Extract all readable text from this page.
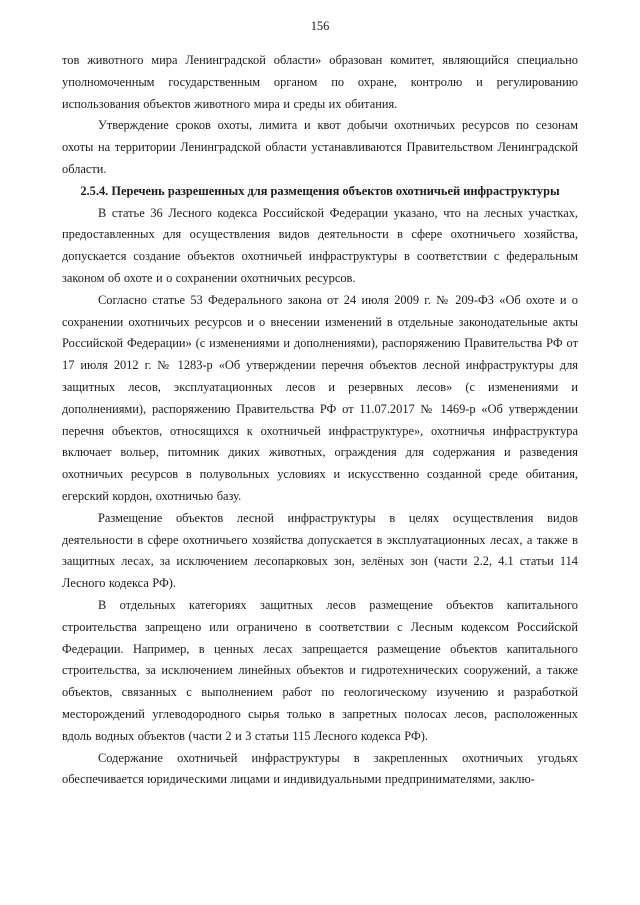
156

тов животного мира Ленинградской области» образован комитет, являющийся специально уполномоченным государственным органом по охране, контролю и регулированию использования объектов животного мира и среды их обитания.

Утверждение сроков охоты, лимита и квот добычи охотничьих ресурсов по сезонам охоты на территории Ленинградской области устанавливаются Правительством Ленинградской области.

2.5.4. Перечень разрешенных для размещения объектов охотничьей инфраструктуры

В статье 36 Лесного кодекса Российской Федерации указано, что на лесных участках, предоставленных для осуществления видов деятельности в сфере охотничьего хозяйства, допускается создание объектов охотничьей инфраструктуры в соответствии с федеральным законом об охоте и о сохранении охотничьих ресурсов.

Согласно статье 53 Федерального закона от 24 июля 2009 г. № 209-ФЗ «Об охоте и о сохранении охотничьих ресурсов и о внесении изменений в отдельные законодательные акты Российской Федерации» (с изменениями и дополнениями), распоряжению Правительства РФ от 17 июля 2012 г. № 1283-р «Об утверждении перечня объектов лесной инфраструктуры для защитных лесов, эксплуатационных лесов и резервных лесов» (с изменениями и дополнениями), распоряжению Правительства РФ от 11.07.2017 № 1469-р «Об утверждении перечня объектов, относящихся к охотничьей инфраструктуре», охотничья инфраструктура включает вольер, питомник диких животных, ограждения для содержания и разведения охотничьих ресурсов в полувольных условиях и искусственно созданной среде обитания, егерский кордон, охотничью базу.

Размещение объектов лесной инфраструктуры в целях осуществления видов деятельности в сфере охотничьего хозяйства допускается в эксплуатационных лесах, а также в защитных лесах, за исключением лесопарковых зон, зелёных зон (части 2.2, 4.1 статьи 114 Лесного кодекса РФ).

В отдельных категориях защитных лесов размещение объектов капитального строительства запрещено или ограничено в соответствии с Лесным кодексом Российской Федерации. Например, в ценных лесах запрещается размещение объектов капитального строительства, за исключением линейных объектов и гидротехнических сооружений, а также объектов, связанных с выполнением работ по геологическому изучению и разработкой месторождений углеводородного сырья только в запретных полосах лесов, расположенных вдоль водных объектов (части 2 и 3 статьи 115 Лесного кодекса РФ).

Содержание охотничьей инфраструктуры в закрепленных охотничьих угодьях обеспечивается юридическими лицами и индивидуальными предпринимателями, заклю-
